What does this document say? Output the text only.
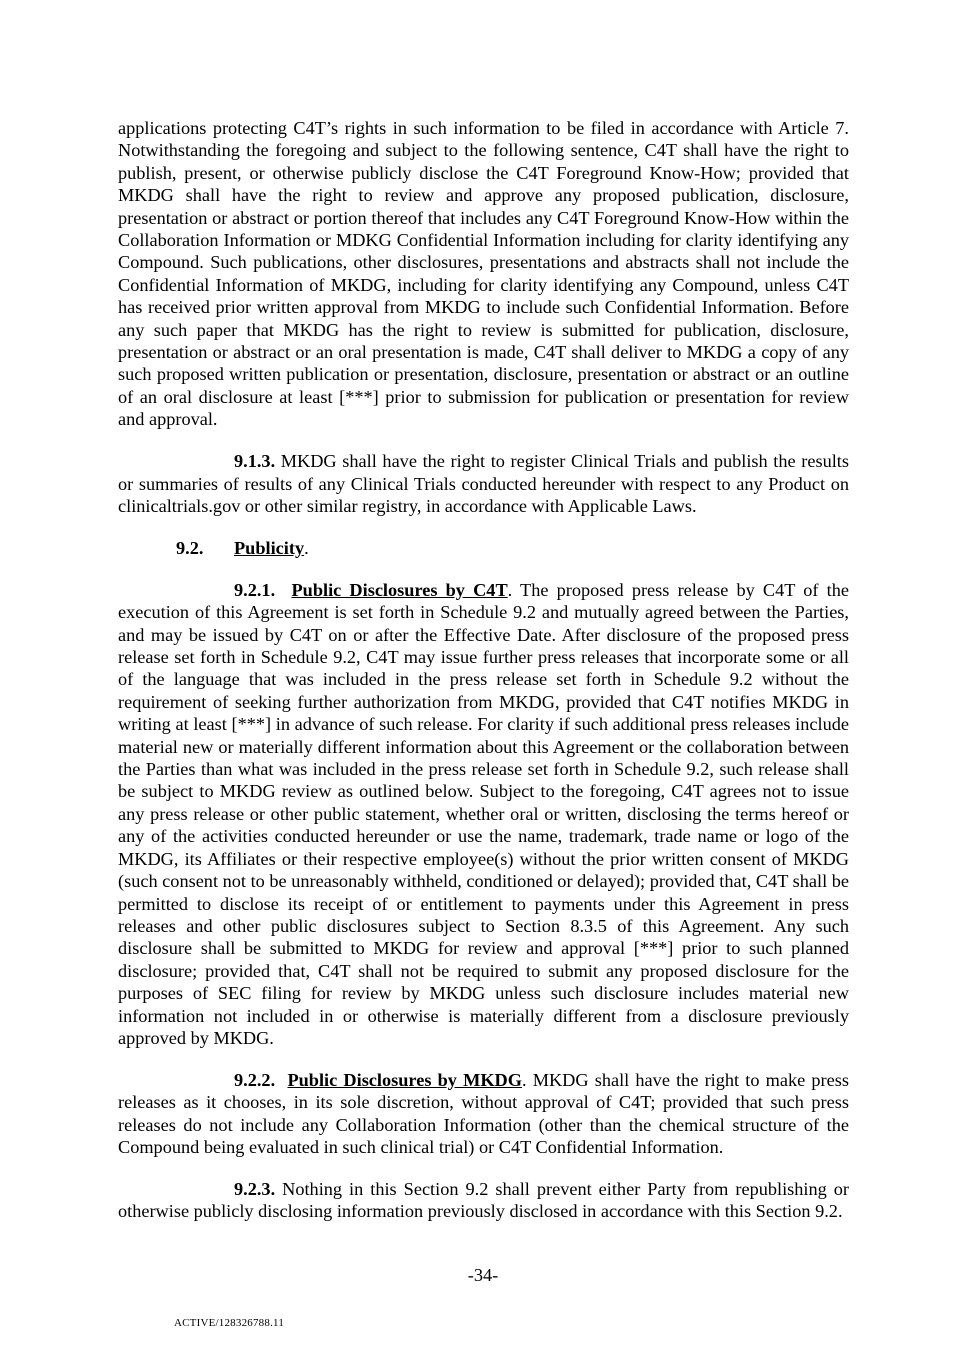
applications protecting C4T’s rights in such information to be filed in accordance with Article 7. Notwithstanding the foregoing and subject to the following sentence, C4T shall have the right to publish, present, or otherwise publicly disclose the C4T Foreground Know-How; provided that MKDG shall have the right to review and approve any proposed publication, disclosure, presentation or abstract or portion thereof that includes any C4T Foreground Know-How within the Collaboration Information or MDKG Confidential Information including for clarity identifying any Compound. Such publications, other disclosures, presentations and abstracts shall not include the Confidential Information of MKDG, including for clarity identifying any Compound, unless C4T has received prior written approval from MKDG to include such Confidential Information. Before any such paper that MKDG has the right to review is submitted for publication, disclosure, presentation or abstract or an oral presentation is made, C4T shall deliver to MKDG a copy of any such proposed written publication or presentation, disclosure, presentation or abstract or an outline of an oral disclosure at least [***] prior to submission for publication or presentation for review and approval.

9.1.3. MKDG shall have the right to register Clinical Trials and publish the results or summaries of results of any Clinical Trials conducted hereunder with respect to any Product on clinicaltrials.gov or other similar registry, in accordance with Applicable Laws.

9.2. Publicity.

9.2.1. Public Disclosures by C4T. The proposed press release by C4T of the execution of this Agreement is set forth in Schedule 9.2 and mutually agreed between the Parties, and may be issued by C4T on or after the Effective Date. After disclosure of the proposed press release set forth in Schedule 9.2, C4T may issue further press releases that incorporate some or all of the language that was included in the press release set forth in Schedule 9.2 without the requirement of seeking further authorization from MKDG, provided that C4T notifies MKDG in writing at least [***] in advance of such release. For clarity if such additional press releases include material new or materially different information about this Agreement or the collaboration between the Parties than what was included in the press release set forth in Schedule 9.2, such release shall be subject to MKDG review as outlined below. Subject to the foregoing, C4T agrees not to issue any press release or other public statement, whether oral or written, disclosing the terms hereof or any of the activities conducted hereunder or use the name, trademark, trade name or logo of the MKDG, its Affiliates or their respective employee(s) without the prior written consent of MKDG (such consent not to be unreasonably withheld, conditioned or delayed); provided that, C4T shall be permitted to disclose its receipt of or entitlement to payments under this Agreement in press releases and other public disclosures subject to Section 8.3.5 of this Agreement. Any such disclosure shall be submitted to MKDG for review and approval [***] prior to such planned disclosure; provided that, C4T shall not be required to submit any proposed disclosure for the purposes of SEC filing for review by MKDG unless such disclosure includes material new information not included in or otherwise is materially different from a disclosure previously approved by MKDG.

9.2.2. Public Disclosures by MKDG. MKDG shall have the right to make press releases as it chooses, in its sole discretion, without approval of C4T; provided that such press releases do not include any Collaboration Information (other than the chemical structure of the Compound being evaluated in such clinical trial) or C4T Confidential Information.

9.2.3. Nothing in this Section 9.2 shall prevent either Party from republishing or otherwise publicly disclosing information previously disclosed in accordance with this Section 9.2.

-34-
ACTIVE/128326788.11
